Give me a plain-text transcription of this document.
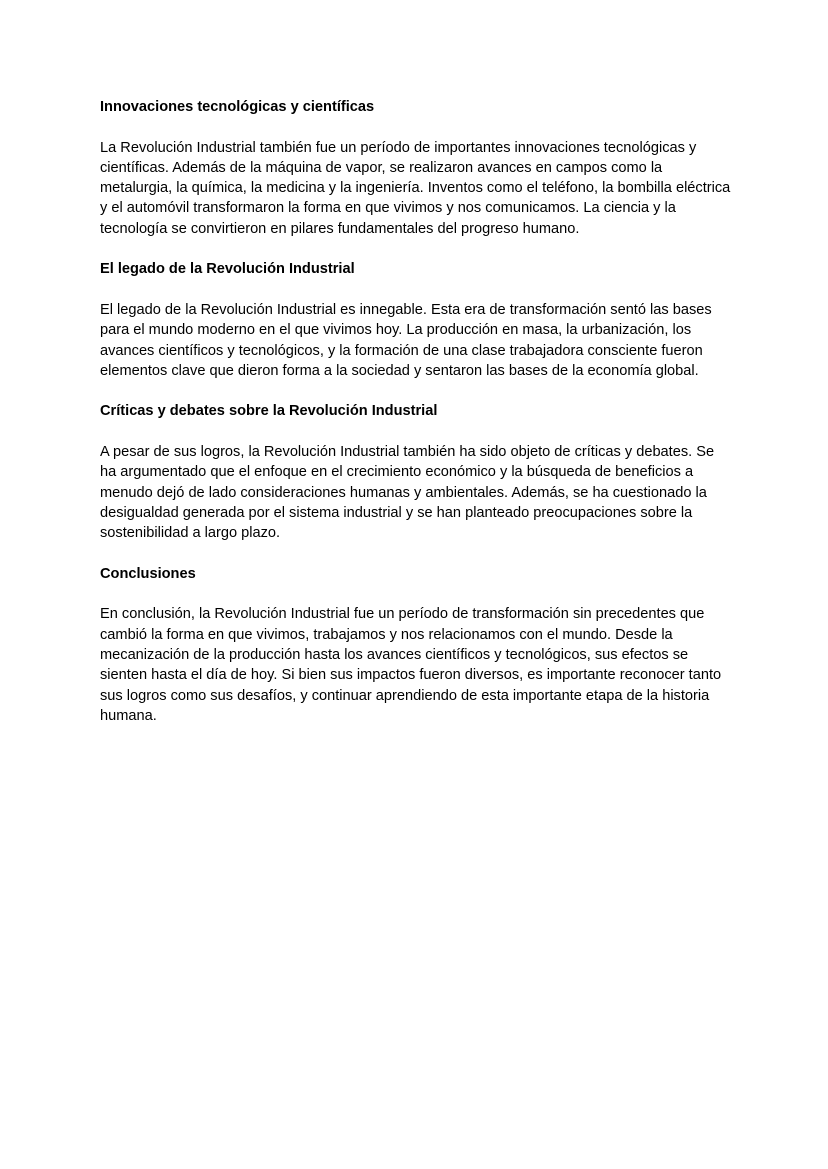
Innovaciones tecnológicas y científicas
La Revolución Industrial también fue un período de importantes innovaciones tecnológicas y científicas. Además de la máquina de vapor, se realizaron avances en campos como la metalurgia, la química, la medicina y la ingeniería. Inventos como el teléfono, la bombilla eléctrica y el automóvil transformaron la forma en que vivimos y nos comunicamos. La ciencia y la tecnología se convirtieron en pilares fundamentales del progreso humano.
El legado de la Revolución Industrial
El legado de la Revolución Industrial es innegable. Esta era de transformación sentó las bases para el mundo moderno en el que vivimos hoy. La producción en masa, la urbanización, los avances científicos y tecnológicos, y la formación de una clase trabajadora consciente fueron elementos clave que dieron forma a la sociedad y sentaron las bases de la economía global.
Críticas y debates sobre la Revolución Industrial
A pesar de sus logros, la Revolución Industrial también ha sido objeto de críticas y debates. Se ha argumentado que el enfoque en el crecimiento económico y la búsqueda de beneficios a menudo dejó de lado consideraciones humanas y ambientales. Además, se ha cuestionado la desigualdad generada por el sistema industrial y se han planteado preocupaciones sobre la sostenibilidad a largo plazo.
Conclusiones
En conclusión, la Revolución Industrial fue un período de transformación sin precedentes que cambió la forma en que vivimos, trabajamos y nos relacionamos con el mundo. Desde la mecanización de la producción hasta los avances científicos y tecnológicos, sus efectos se sienten hasta el día de hoy. Si bien sus impactos fueron diversos, es importante reconocer tanto sus logros como sus desafíos, y continuar aprendiendo de esta importante etapa de la historia humana.
